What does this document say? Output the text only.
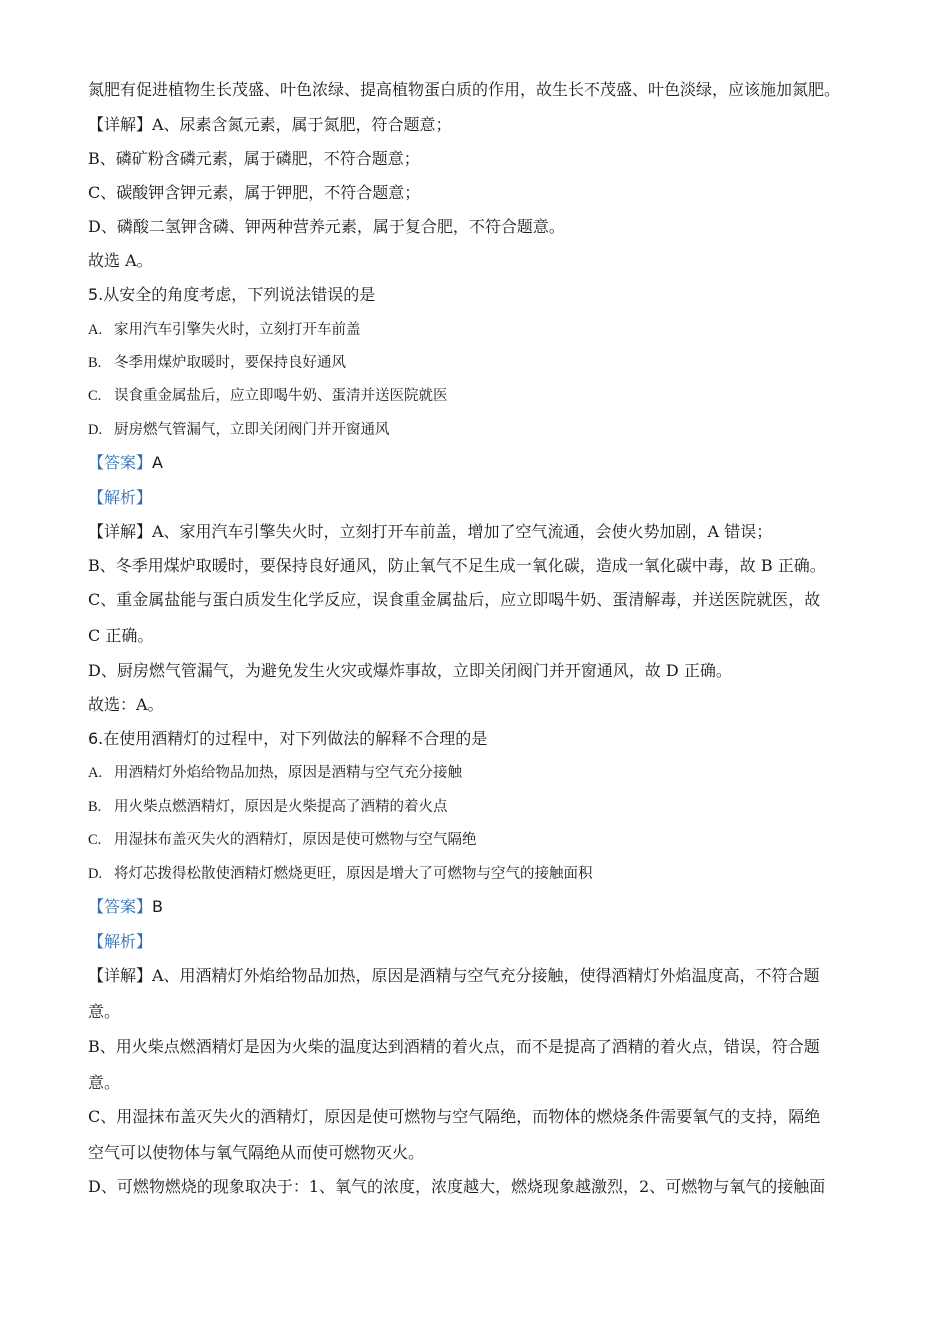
氮肥有促进植物生长茂盛、叶色浓绿、提高植物蛋白质的作用，故生长不茂盛、叶色淡绿，应该施加氮肥。
【详解】A、尿素含氮元素，属于氮肥，符合题意；
B、磷矿粉含磷元素，属于磷肥，不符合题意；
C、碳酸钾含钾元素，属于钾肥，不符合题意；
D、磷酸二氢钾含磷、钾两种营养元素，属于复合肥，不符合题意。
故选 A。
5.从安全的角度考虑，下列说法错误的是
A. 家用汽车引擎失火时，立刻打开车前盖
B. 冬季用煤炉取暖时，要保持良好通风
C. 误食重金属盐后，应立即喝牛奶、蛋清并送医院就医
D. 厨房燃气管漏气，立即关闭阀门并开窗通风
【答案】A
【解析】
【详解】A、家用汽车引擎失火时，立刻打开车前盖，增加了空气流通，会使火势加剧，A 错误；
B、冬季用煤炉取暖时，要保持良好通风，防止氧气不足生成一氧化碳，造成一氧化碳中毒，故 B 正确。
C、重金属盐能与蛋白质发生化学反应，误食重金属盐后，应立即喝牛奶、蛋清解毒，并送医院就医，故
C 正确。
D、厨房燃气管漏气，为避免发生火灾或爆炸事故，立即关闭阀门并开窗通风，故 D 正确。
故选：A。
6.在使用酒精灯的过程中，对下列做法的解释不合理的是
A. 用酒精灯外焰给物品加热，原因是酒精与空气充分接触
B. 用火柴点燃酒精灯，原因是火柴提高了酒精的着火点
C. 用湿抹布盖灭失火的酒精灯，原因是使可燃物与空气隔绝
D. 将灯芯拨得松散使酒精灯燃烧更旺，原因是增大了可燃物与空气的接触面积
【答案】B
【解析】
【详解】A、用酒精灯外焰给物品加热，原因是酒精与空气充分接触，使得酒精灯外焰温度高，不符合题
意。
B、用火柴点燃酒精灯是因为火柴的温度达到酒精的着火点，而不是提高了酒精的着火点，错误，符合题
意。
C、用湿抹布盖灭失火的酒精灯，原因是使可燃物与空气隔绝，而物体的燃烧条件需要氧气的支持，隔绝
空气可以使物体与氧气隔绝从而使可燃物灭火。
D、可燃物燃烧的现象取决于：1、氧气的浓度，浓度越大，燃烧现象越激烈，2、可燃物与氧气的接触面
